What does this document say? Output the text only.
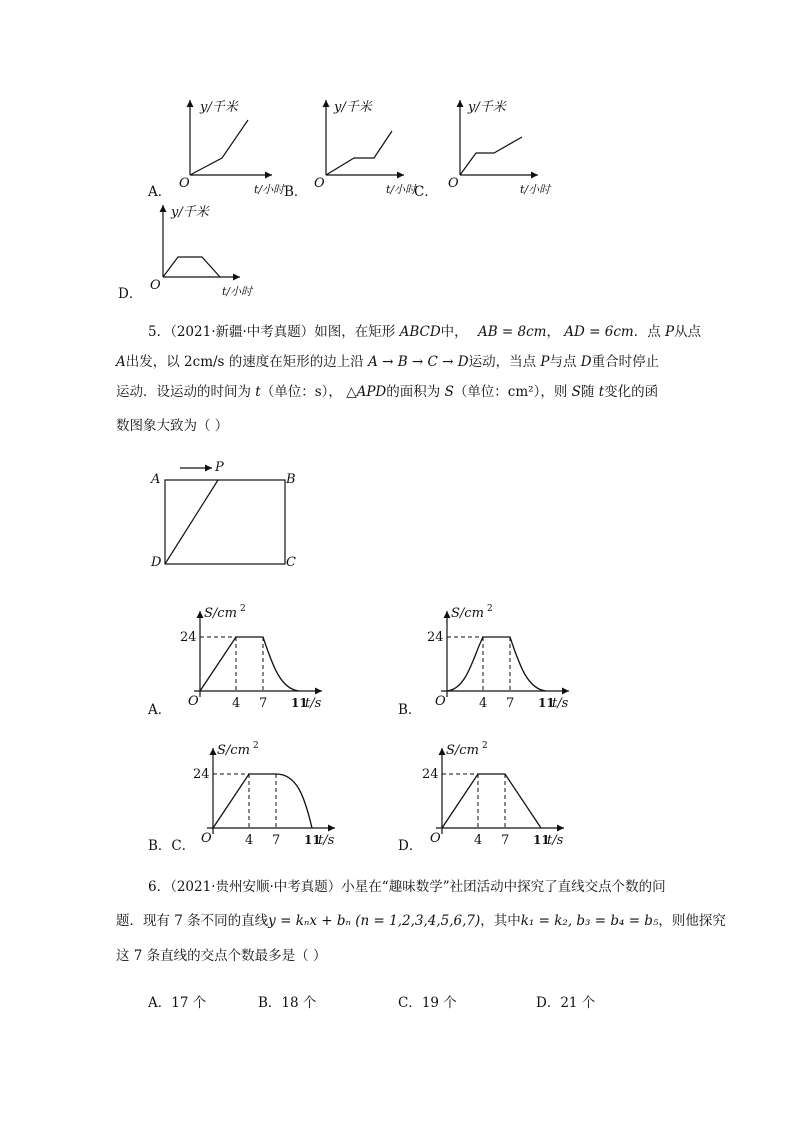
y/千米
O	t/小时
A．	B．
y/千米
O	t/小时
C．
y/千米
O	t/小时
y/千米
O	t/小时
D．
5．（2021·新疆·中考真题）如图，在矩形 ABCD中， AB = 8cm， AD = 6cm．点 P从点
A出发，以 2cm/s 的速度在矩形的边上沿 A → B → C → D运动，当点 P与点 D重合时停止
运动．设运动的时间为 t（单位：s）， △APD的面积为 S（单位：cm²），则 S随 t变化的函
数图象大致为（ ）
A	B
C
D
P
24
4 7 11
O	t/s
S/cm 2
24
4 7 11
O	t/s
S/cm 2
24
4 7 11
O	t/s
S/cm 2
24
4 7 11
O	t/s
S/cm 2
A．	B．
B．C．	D．
6．（2021·贵州安顺·中考真题）小星在“趣味数学”社团活动中探究了直线交点个数的问
题．现有 7 条不同的直线y = kₙx + bₙ (n = 1,2,3,4,5,6,7)，其中k₁ = k₂, b₃ = b₄ = b₅，则他探究
这 7 条直线的交点个数最多是（ ）
A．17 个	B．18 个	C．19 个	D．21 个
